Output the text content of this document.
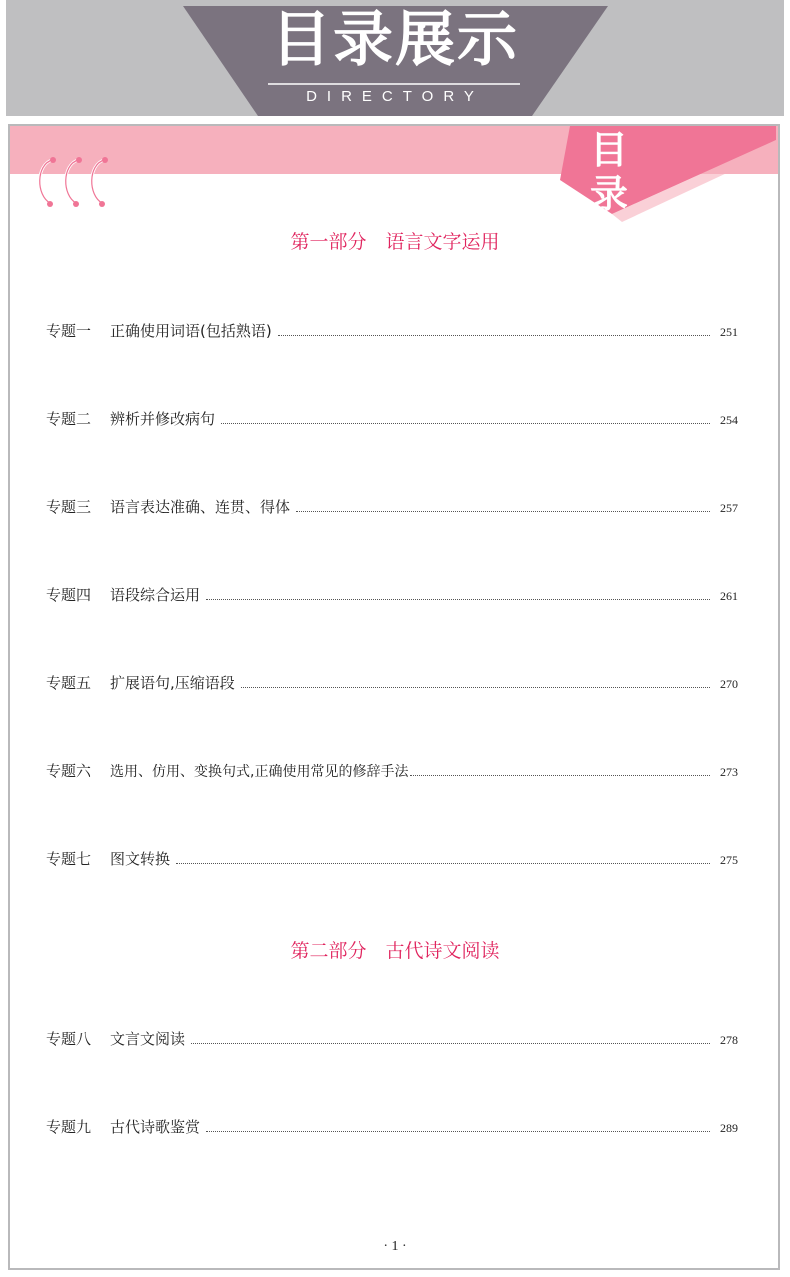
目录展示
DIRECTORY
目 录
第一部分　语言文字运用
专题一	正确使用词语(包括熟语)	251
专题二	辨析并修改病句	254
专题三	语言表达准确、连贯、得体	257
专题四	语段综合运用	261
专题五	扩展语句,压缩语段	270
专题六	选用、仿用、变换句式,正确使用常见的修辞手法	273
专题七	图文转换	275
第二部分　古代诗文阅读
专题八	文言文阅读	278
专题九	古代诗歌鉴赏	289
· 1 ·
